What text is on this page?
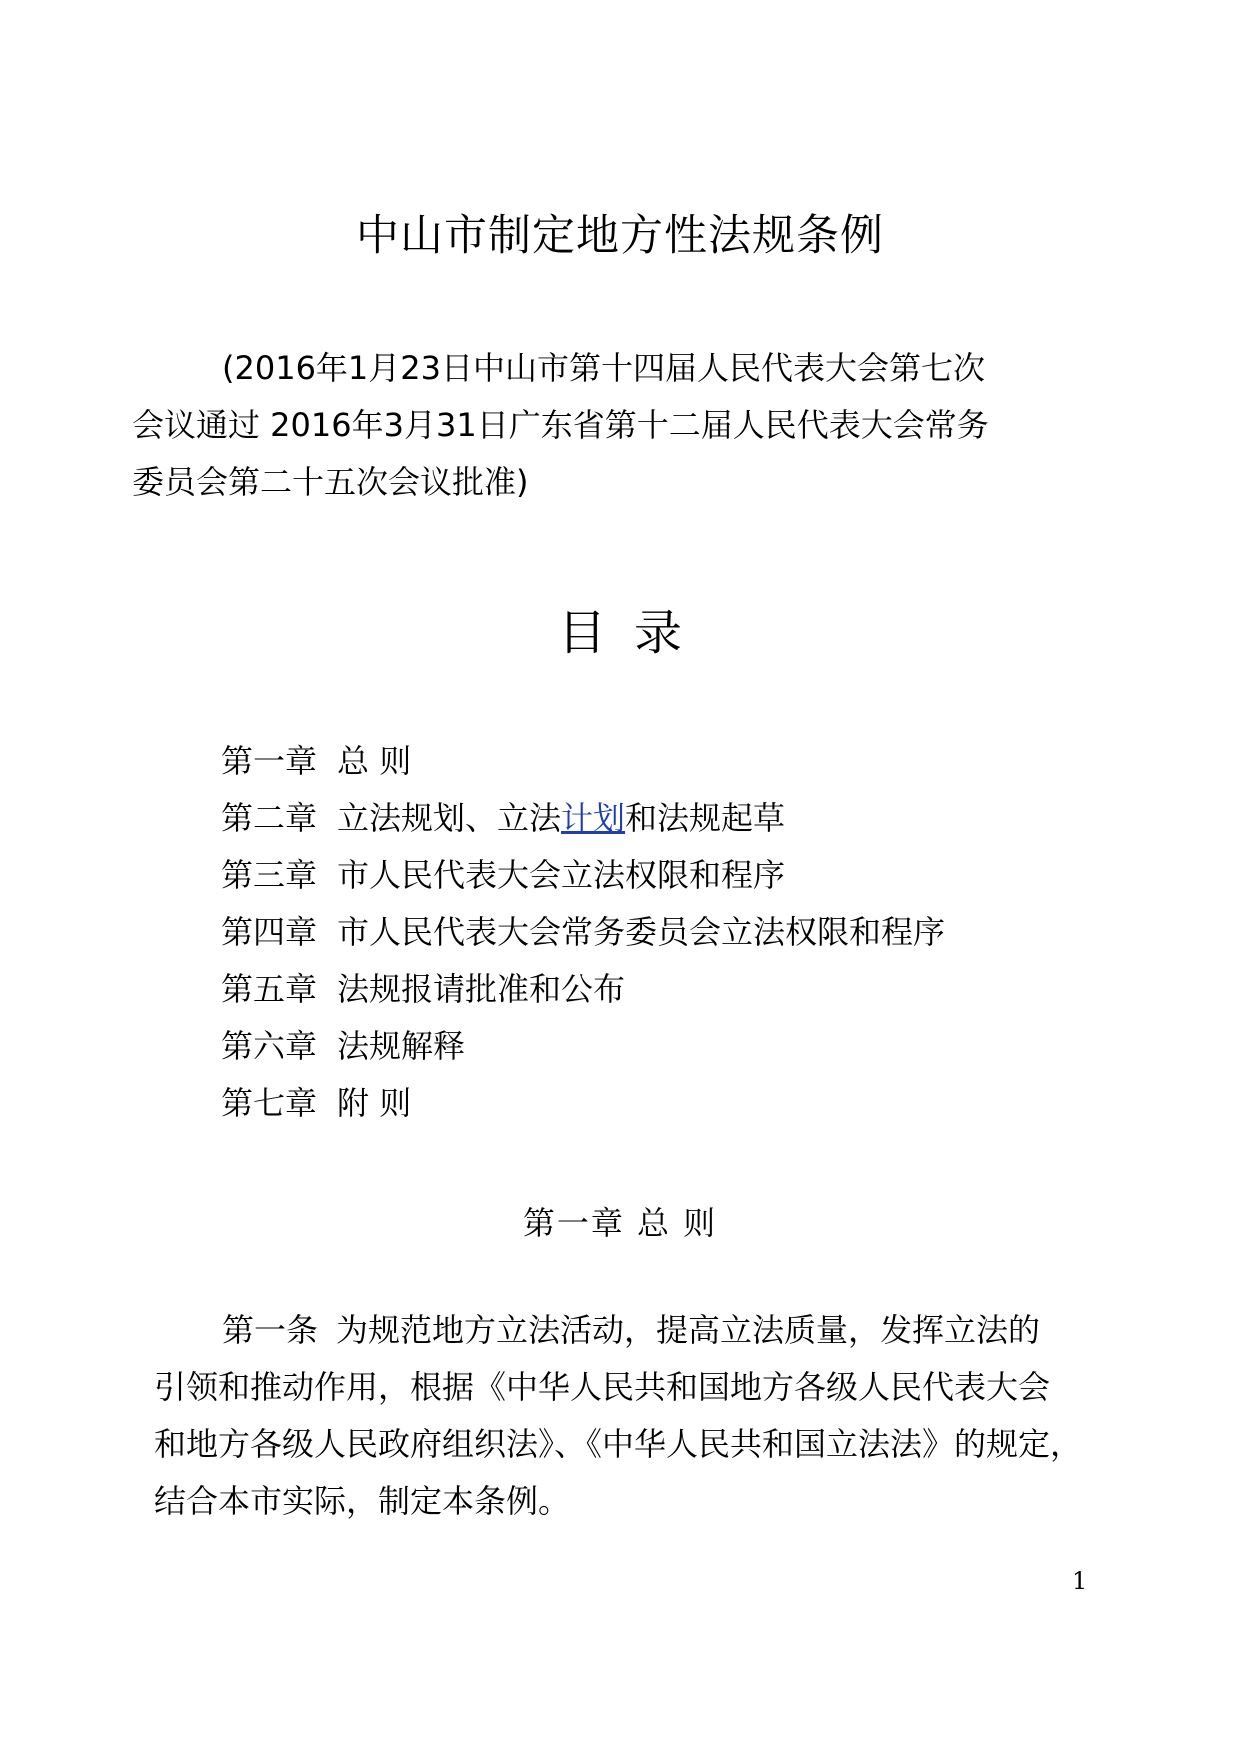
中山市制定地方性法规条例
(2016年1月23日中山市第十四届人民代表大会第七次
会议通过 2016年3月31日广东省第十二届人民代表大会常务
委员会第二十五次会议批准)
目录
第一章 总 则
第二章 立法规划、立法计划和法规起草
第三章 市人民代表大会立法权限和程序
第四章 市人民代表大会常务委员会立法权限和程序
第五章 法规报请批准和公布
第六章 法规解释
第七章 附 则
第一章 总 则
第一条 为规范地方立法活动，提高立法质量，发挥立法的
引领和推动作用，根据《中华人民共和国地方各级人民代表大会
和地方各级人民政府组织法》、《中华人民共和国立法法》的规定，
结合本市实际，制定本条例。
1
